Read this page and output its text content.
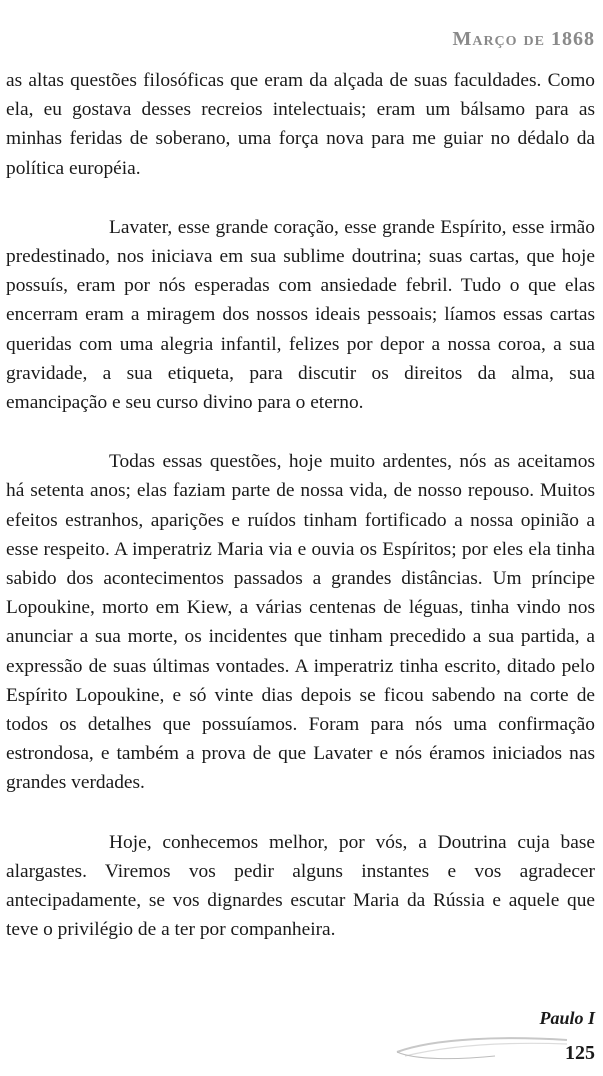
Março de 1868

as altas questões filosóficas que eram da alçada de suas faculdades. Como ela, eu gostava desses recreios intelectuais; eram um bálsamo para as minhas feridas de soberano, uma força nova para me guiar no dédalo da política européia.

Lavater, esse grande coração, esse grande Espírito, esse irmão predestinado, nos iniciava em sua sublime doutrina; suas cartas, que hoje possuís, eram por nós esperadas com ansiedade febril. Tudo o que elas encerram eram a miragem dos nossos ideais pessoais; líamos essas cartas queridas com uma alegria infantil, felizes por depor a nossa coroa, a sua gravidade, a sua etiqueta, para discutir os direitos da alma, sua emancipação e seu curso divino para o eterno.

Todas essas questões, hoje muito ardentes, nós as aceitamos há setenta anos; elas faziam parte de nossa vida, de nosso repouso. Muitos efeitos estranhos, aparições e ruídos tinham fortificado a nossa opinião a esse respeito. A imperatriz Maria via e ouvia os Espíritos; por eles ela tinha sabido dos acontecimentos passados a grandes distâncias. Um príncipe Lopoukine, morto em Kiew, a várias centenas de léguas, tinha vindo nos anunciar a sua morte, os incidentes que tinham precedido a sua partida, a expressão de suas últimas vontades. A imperatriz tinha escrito, ditado pelo Espírito Lopoukine, e só vinte dias depois se ficou sabendo na corte de todos os detalhes que possuíamos. Foram para nós uma confirmação estrondosa, e também a prova de que Lavater e nós éramos iniciados nas grandes verdades.

Hoje, conhecemos melhor, por vós, a Doutrina cuja base alargastes. Viremos vos pedir alguns instantes e vos agradecer antecipadamente, se vos dignardes escutar Maria da Rússia e aquele que teve o privilégio de a ter por companheira.

Paulo I
125
